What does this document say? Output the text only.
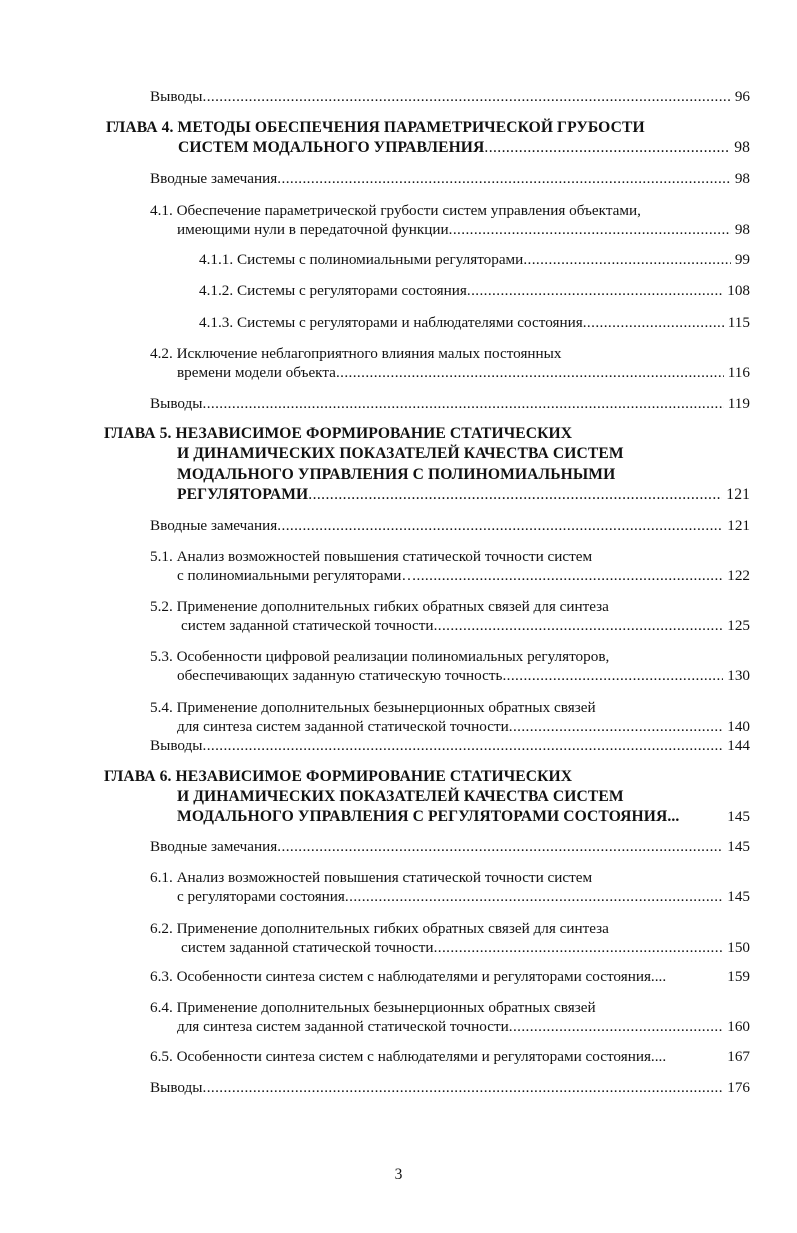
Выводы .....	96
ГЛАВА 4. МЕТОДЫ ОБЕСПЕЧЕНИЯ ПАРАМЕТРИЧЕСКОЙ ГРУБОСТИ
СИСТЕМ МОДАЛЬНОГО УПРАВЛЕНИЯ .....	98
Вводные замечания .....	98
4.1. Обеспечение параметрической грубости систем управления объектами,
имеющими нули в передаточной функции .....	98
4.1.1. Системы с полиномиальными регуляторами .....	99
4.1.2. Системы с регуляторами состояния .....	108
4.1.3. Системы с регуляторами и наблюдателями состояния .....	115
4.2. Исключение неблагоприятного влияния малых постоянных
времени модели объекта .....	116
Выводы .....	119
ГЛАВА 5. НЕЗАВИСИМОЕ ФОРМИРОВАНИЕ СТАТИЧЕСКИХ
И ДИНАМИЧЕСКИХ ПОКАЗАТЕЛЕЙ КАЧЕСТВА СИСТЕМ
МОДАЛЬНОГО УПРАВЛЕНИЯ С ПОЛИНОМИАЛЬНЫМИ
РЕГУЛЯТОРАМИ .....	121
Вводные замечания .....	121
5.1. Анализ возможностей повышения статической точности систем
с полиномиальными регуляторами… .....	122
5.2. Применение дополнительных гибких обратных связей для синтеза
систем заданной статической точности .....	125
5.3. Особенности цифровой реализации полиномиальных регуляторов,
обеспечивающих заданную статическую точность .....	130
5.4. Применение дополнительных безынерционных обратных связей
для синтеза систем заданной статической точности .....	140
Выводы .....	144
ГЛАВА 6. НЕЗАВИСИМОЕ ФОРМИРОВАНИЕ СТАТИЧЕСКИХ
И ДИНАМИЧЕСКИХ ПОКАЗАТЕЛЕЙ КАЧЕСТВА СИСТЕМ
МОДАЛЬНОГО УПРАВЛЕНИЯ С РЕГУЛЯТОРАМИ СОСТОЯНИЯ...	145
Вводные замечания .....	145
6.1. Анализ возможностей повышения статической точности систем
с регуляторами состояния .....	145
6.2. Применение дополнительных гибких обратных связей для синтеза
систем заданной статической точности .....	150
6.3. Особенности синтеза систем с наблюдателями и регуляторами состояния....	159
6.4. Применение дополнительных безынерционных обратных связей
для синтеза систем заданной статической точности .....	160
6.5. Особенности синтеза систем с наблюдателями и регуляторами состояния....	167
Выводы .....	176
3
